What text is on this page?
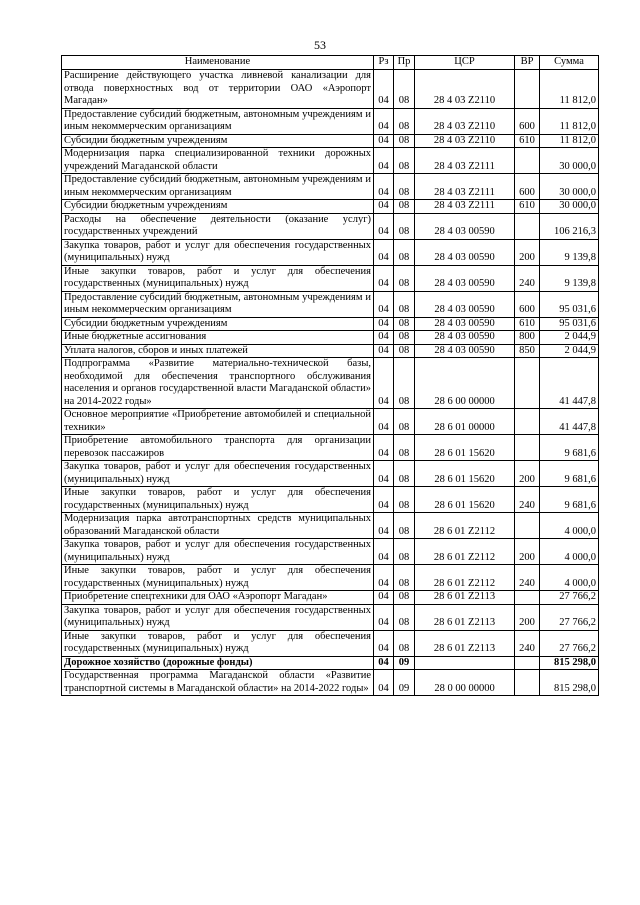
53
Наименование	Рз	Пр	ЦСР	ВР	Сумма
Расширение действующего участка ливневой канализации для отвода поверхностных вод от территории ОАО «Аэропорт Магадан»	04	08	28 4 03 Z2110		11 812,0
Предоставление субсидий бюджетным, автономным учреждениям и иным некоммерческим организациям	04	08	28 4 03 Z2110	600	11 812,0
Субсидии бюджетным учреждениям	04	08	28 4 03 Z2110	610	11 812,0
Модернизация парка специализированной техники дорожных учреждений Магаданской области	04	08	28 4 03 Z2111		30 000,0
Предоставление субсидий бюджетным, автономным учреждениям и иным некоммерческим организациям	04	08	28 4 03 Z2111	600	30 000,0
Субсидии бюджетным учреждениям	04	08	28 4 03 Z2111	610	30 000,0
Расходы на обеспечение деятельности (оказание услуг) государственных учреждений	04	08	28 4 03 00590		106 216,3
Закупка товаров, работ и услуг для обеспечения государственных (муниципальных) нужд	04	08	28 4 03 00590	200	9 139,8
Иные закупки товаров, работ и услуг для обеспечения государственных (муниципальных) нужд	04	08	28 4 03 00590	240	9 139,8
Предоставление субсидий бюджетным, автономным учреждениям и иным некоммерческим организациям	04	08	28 4 03 00590	600	95 031,6
Субсидии бюджетным учреждениям	04	08	28 4 03 00590	610	95 031,6
Иные бюджетные ассигнования	04	08	28 4 03 00590	800	2 044,9
Уплата налогов, сборов и иных платежей	04	08	28 4 03 00590	850	2 044,9
Подпрограмма «Развитие материально-технической базы, необходимой для обеспечения транспортного обслуживания населения и органов государственной власти Магаданской области» на 2014-2022 годы»	04	08	28 6 00 00000		41 447,8
Основное мероприятие «Приобретение автомобилей и специальной техники»	04	08	28 6 01 00000		41 447,8
Приобретение автомобильного транспорта для организации перевозок пассажиров	04	08	28 6 01 15620		9 681,6
Закупка товаров, работ и услуг для обеспечения государственных (муниципальных) нужд	04	08	28 6 01 15620	200	9 681,6
Иные закупки товаров, работ и услуг для обеспечения государственных (муниципальных) нужд	04	08	28 6 01 15620	240	9 681,6
Модернизация парка автотранспортных средств муниципальных образований Магаданской области	04	08	28 6 01 Z2112		4 000,0
Закупка товаров, работ и услуг для обеспечения государственных (муниципальных) нужд	04	08	28 6 01 Z2112	200	4 000,0
Иные закупки товаров, работ и услуг для обеспечения государственных (муниципальных) нужд	04	08	28 6 01 Z2112	240	4 000,0
Приобретение спецтехники для ОАО «Аэропорт Магадан»	04	08	28 6 01 Z2113		27 766,2
Закупка товаров, работ и услуг для обеспечения государственных (муниципальных) нужд	04	08	28 6 01 Z2113	200	27 766,2
Иные закупки товаров, работ и услуг для обеспечения государственных (муниципальных) нужд	04	08	28 6 01 Z2113	240	27 766,2
Дорожное хозяйство (дорожные фонды)	04	09			815 298,0
Государственная программа Магаданской области «Развитие транспортной системы в Магаданской области» на 2014-2022 годы»	04	09	28 0 00 00000		815 298,0
